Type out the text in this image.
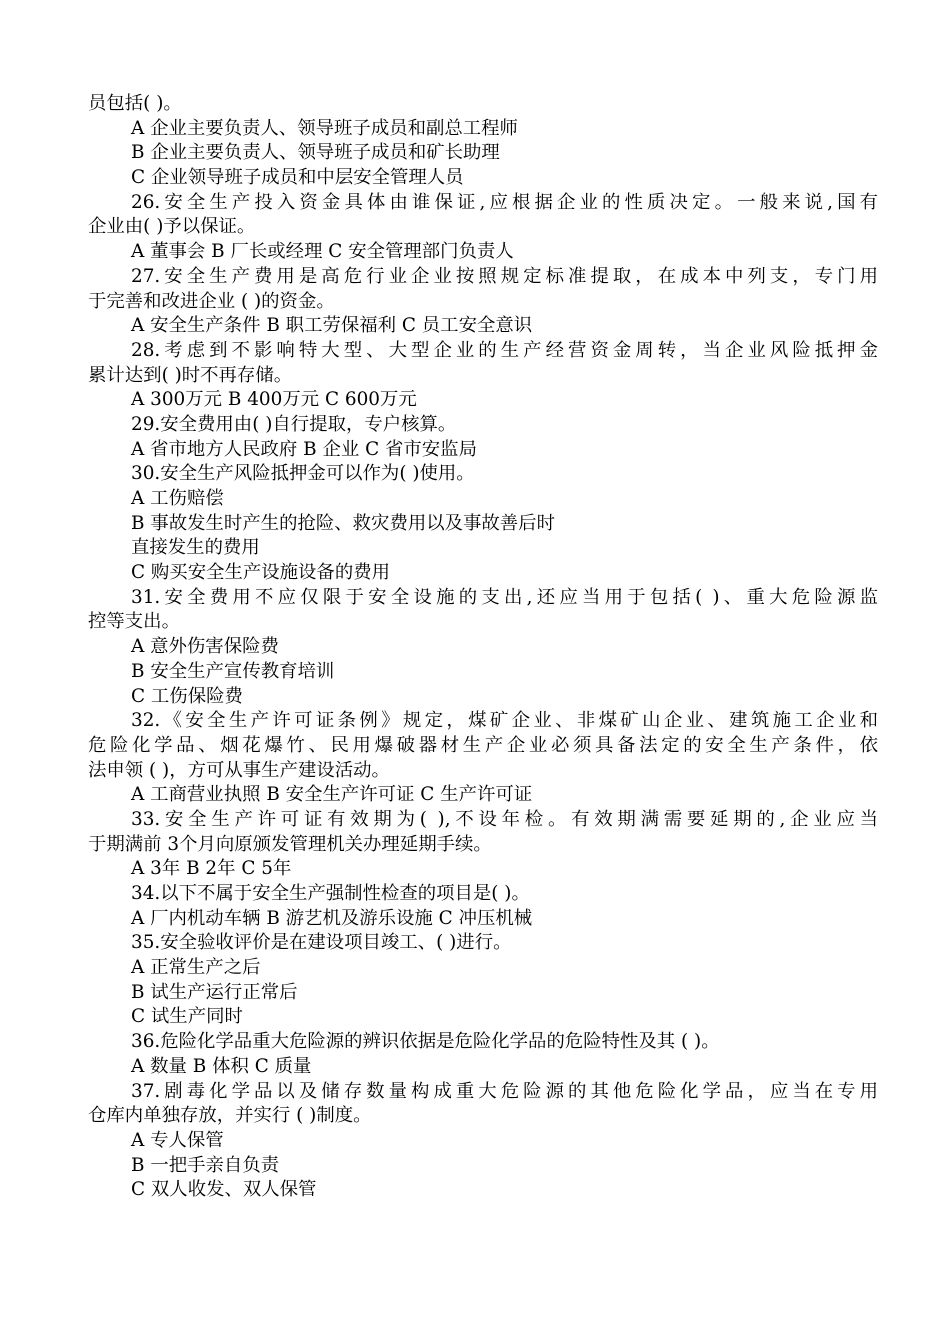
员包括( )。
A 企业主要负责人、领导班子成员和副总工程师
B 企业主要负责人、领导班子成员和矿长助理
C 企业领导班子成员和中层安全管理人员
26.安全生产投入资金具体由谁保证,应根据企业的性质决定。一般来说,国有
企业由( )予以保证。
A 董事会 B 厂长或经理 C 安全管理部门负责人
27.安全生产费用是高危行业企业按照规定标准提取，在成本中列支，专门用
于完善和改进企业 ( )的资金。
A 安全生产条件 B 职工劳保福利 C 员工安全意识
28.考虑到不影响特大型、大型企业的生产经营资金周转，当企业风险抵押金
累计达到( )时不再存储。
A 300万元 B 400万元 C 600万元
29.安全费用由( )自行提取，专户核算。
A 省市地方人民政府 B 企业 C 省市安监局
30.安全生产风险抵押金可以作为( )使用。
A 工伤赔偿
B 事故发生时产生的抢险、救灾费用以及事故善后时
直接发生的费用
C 购买安全生产设施设备的费用
31.安全费用不应仅限于安全设施的支出,还应当用于包括( )、重大危险源监
控等支出。
A 意外伤害保险费
B 安全生产宣传教育培训
C 工伤保险费
32.《安全生产许可证条例》规定，煤矿企业、非煤矿山企业、建筑施工企业和
危险化学品、烟花爆竹、民用爆破器材生产企业必须具备法定的安全生产条件，依
法申领 ( )，方可从事生产建设活动。
A 工商营业执照 B 安全生产许可证 C 生产许可证
33.安全生产许可证有效期为( ),不设年检。有效期满需要延期的,企业应当
于期满前 3个月向原颁发管理机关办理延期手续。
A 3年 B 2年 C 5年
34.以下不属于安全生产强制性检查的项目是( )。
A 厂内机动车辆 B 游艺机及游乐设施 C 冲压机械
35.安全验收评价是在建设项目竣工、( )进行。
A 正常生产之后
B 试生产运行正常后
C 试生产同时
36.危险化学品重大危险源的辨识依据是危险化学品的危险特性及其 ( )。
A 数量 B 体积 C 质量
37.剧毒化学品以及储存数量构成重大危险源的其他危险化学品，应当在专用
仓库内单独存放，并实行 ( )制度。
A 专人保管
B 一把手亲自负责
C 双人收发、双人保管
